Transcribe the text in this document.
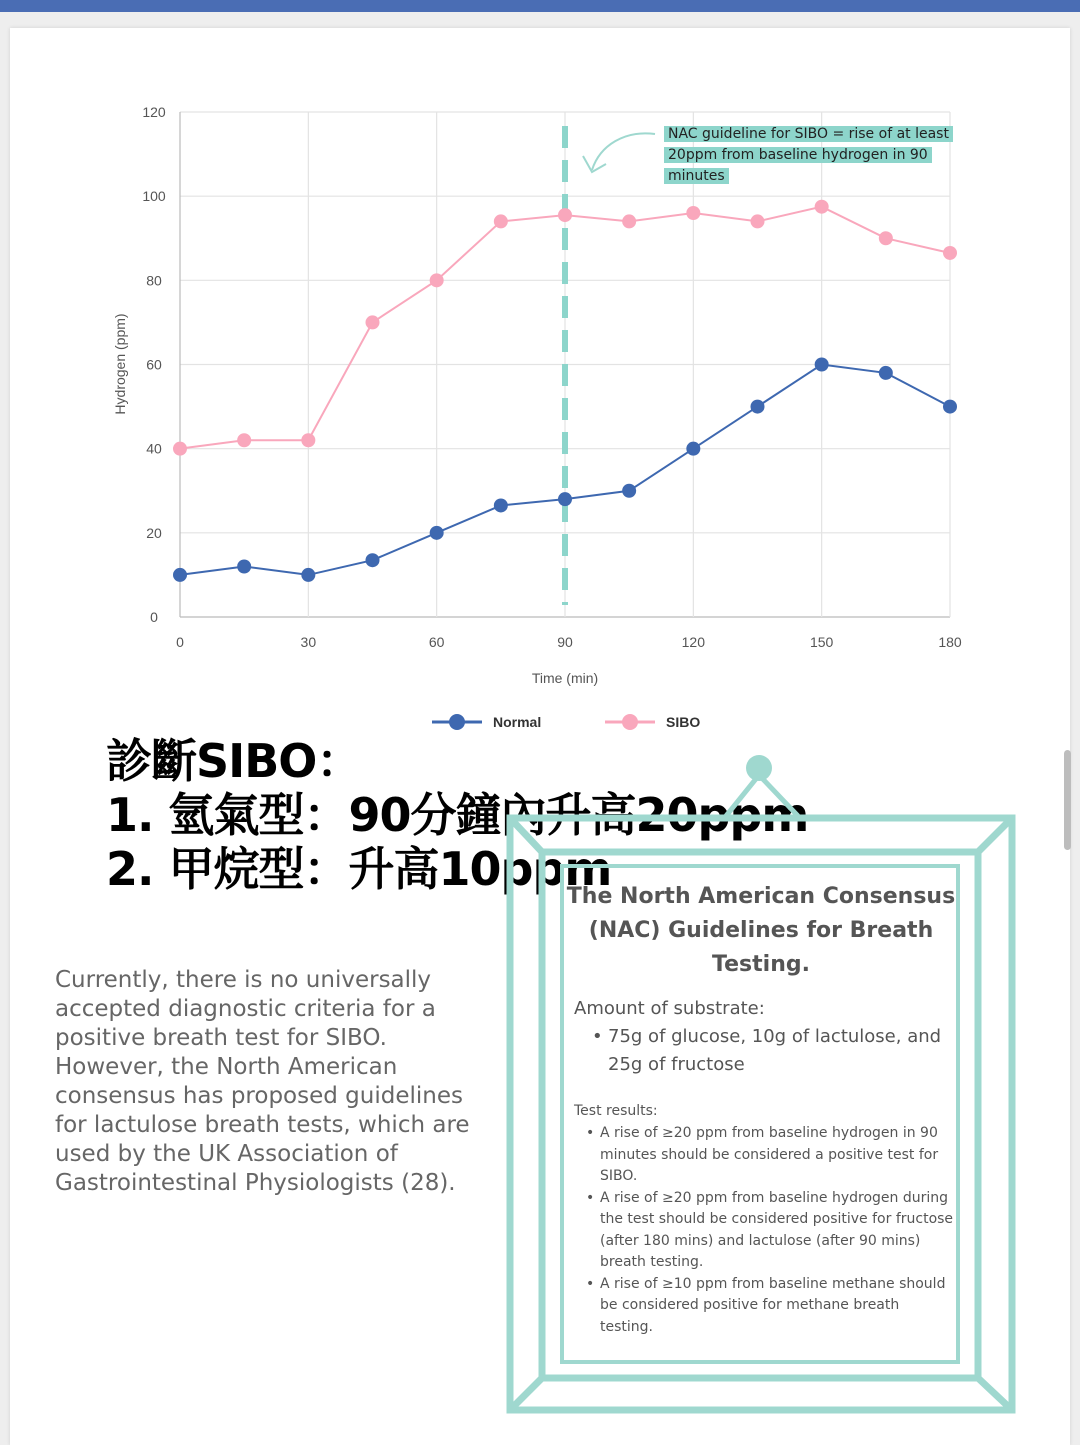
0
20
40
60
80
100
120
0	30	60	90	120	150	180
Time (min)
Hydrogen (ppm)
Normal	SIBO
NAC guideline for SIBO = rise of at least 20ppm from baseline hydrogen in 90 minutes
診斷SIBO：
1. 氫氣型：90分鐘內升高20ppm
2. 甲烷型：升高10ppm
Currently, there is no universally accepted diagnostic criteria for a positive breath test for SIBO. However, the North American consensus has proposed guidelines for lactulose breath tests, which are used by the UK Association of Gastrointestinal Physiologists (28).
The North American Consensus (NAC) Guidelines for Breath Testing.
Amount of substrate:
• 75g of glucose, 10g of lactulose, and 25g of fructose
Test results:
• A rise of ≥20 ppm from baseline hydrogen in 90 minutes should be considered a positive test for SIBO.
• A rise of ≥20 ppm from baseline hydrogen during the test should be considered positive for fructose (after 180 mins) and lactulose (after 90 mins) breath testing.
• A rise of ≥10 ppm from baseline methane should be considered positive for methane breath testing.
